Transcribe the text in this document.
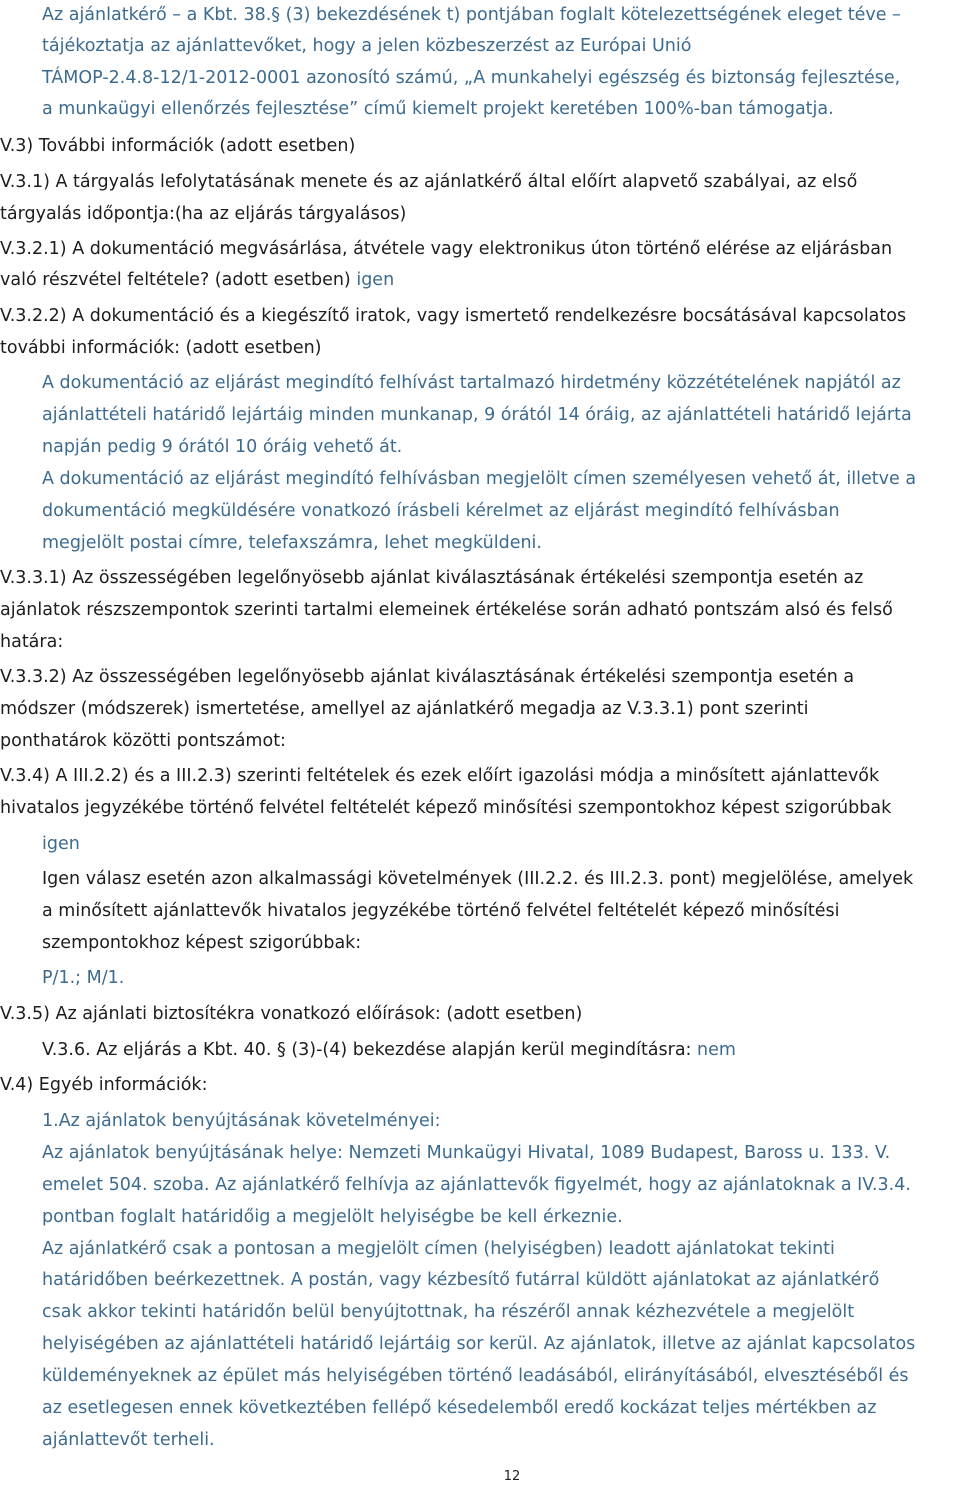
Az ajánlatkérő – a Kbt. 38.§ (3) bekezdésének t) pontjában foglalt kötelezettségének eleget téve –
tájékoztatja az ajánlattevőket, hogy a jelen közbeszerzést az Európai Unió
TÁMOP-2.4.8-12/1-2012-0001 azonosító számú, „A munkahelyi egészség és biztonság fejlesztése,
a munkaügyi ellenőrzés fejlesztése” című kiemelt projekt keretében 100%-ban támogatja.
V.3) További információk (adott esetben)
V.3.1) A tárgyalás lefolytatásának menete és az ajánlatkérő által előírt alapvető szabályai, az első
tárgyalás időpontja:(ha az eljárás tárgyalásos)
V.3.2.1) A dokumentáció megvásárlása, átvétele vagy elektronikus úton történő elérése az eljárásban
való részvétel feltétele? (adott esetben) igen
V.3.2.2) A dokumentáció és a kiegészítő iratok, vagy ismertető rendelkezésre bocsátásával kapcsolatos
további információk: (adott esetben)
A dokumentáció az eljárást megindító felhívást tartalmazó hirdetmény közzétételének napjától az
ajánlattételi határidő lejártáig minden munkanap, 9 órától 14 óráig, az ajánlattételi határidő lejárta
napján pedig 9 órától 10 óráig vehető át.
A dokumentáció az eljárást megindító felhívásban megjelölt címen személyesen vehető át, illetve a
dokumentáció megküldésére vonatkozó írásbeli kérelmet az eljárást megindító felhívásban
megjelölt postai címre, telefaxszámra, lehet megküldeni.
V.3.3.1) Az összességében legelőnyösebb ajánlat kiválasztásának értékelési szempontja esetén az
ajánlatok részszempontok szerinti tartalmi elemeinek értékelése során adható pontszám alsó és felső
határa:
V.3.3.2) Az összességében legelőnyösebb ajánlat kiválasztásának értékelési szempontja esetén a
módszer (módszerek) ismertetése, amellyel az ajánlatkérő megadja az V.3.3.1) pont szerinti
ponthatárok közötti pontszámot:
V.3.4) A III.2.2) és a III.2.3) szerinti feltételek és ezek előírt igazolási módja a minősített ajánlattevők
hivatalos jegyzékébe történő felvétel feltételét képező minősítési szempontokhoz képest szigorúbbak
igen
Igen válasz esetén azon alkalmassági követelmények (III.2.2. és III.2.3. pont) megjelölése, amelyek
a minősített ajánlattevők hivatalos jegyzékébe történő felvétel feltételét képező minősítési
szempontokhoz képest szigorúbbak:
P/1.; M/1.
V.3.5) Az ajánlati biztosítékra vonatkozó előírások: (adott esetben)
V.3.6. Az eljárás a Kbt. 40. § (3)-(4) bekezdése alapján kerül megindításra: nem
V.4) Egyéb információk:
1.Az ajánlatok benyújtásának követelményei:
Az ajánlatok benyújtásának helye: Nemzeti Munkaügyi Hivatal, 1089 Budapest, Baross u. 133. V.
emelet 504. szoba. Az ajánlatkérő felhívja az ajánlattevők figyelmét, hogy az ajánlatoknak a IV.3.4.
pontban foglalt határidőig a megjelölt helyiségbe be kell érkeznie.
Az ajánlatkérő csak a pontosan a megjelölt címen (helyiségben) leadott ajánlatokat tekinti
határidőben beérkezettnek. A postán, vagy kézbesítő futárral küldött ajánlatokat az ajánlatkérő
csak akkor tekinti határidőn belül benyújtottnak, ha részéről annak kézhezvétele a megjelölt
helyiségében az ajánlattételi határidő lejártáig sor kerül. Az ajánlatok, illetve az ajánlat kapcsolatos
küldeményeknek az épület más helyiségében történő leadásából, elirányításából, elvesztéséből és
az esetlegesen ennek következtében fellépő késedelemből eredő kockázat teljes mértékben az
ajánlattevőt terheli.
12
